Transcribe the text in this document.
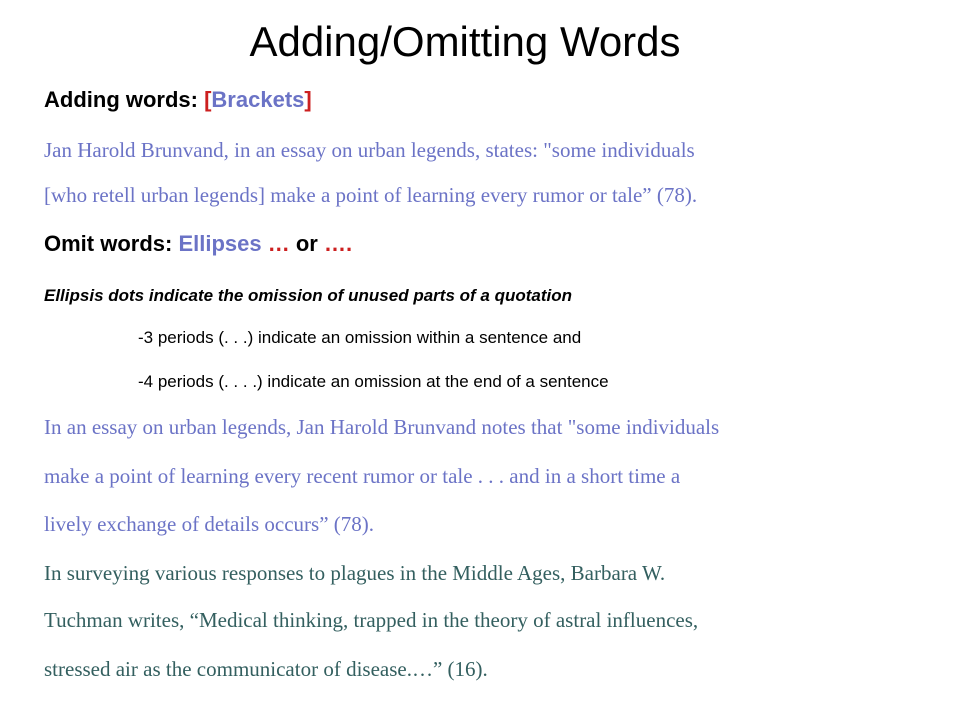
Adding/Omitting Words
Adding words: [Brackets]
Jan Harold Brunvand, in an essay on urban legends, states: "some individuals
[who retell urban legends] make a point of learning every rumor or tale” (78).
Omit words: Ellipses … or ….
Ellipsis dots indicate the omission of unused parts of a quotation
-3 periods (. . .) indicate an omission within a sentence and
-4 periods (. . . .) indicate an omission at the end of a sentence
In an essay on urban legends, Jan Harold Brunvand notes that "some individuals
make a point of learning every recent rumor or tale . . . and in a short time a
lively exchange of details occurs” (78).
In surveying various responses to plagues in the Middle Ages, Barbara W.
Tuchman writes, “Medical thinking, trapped in the theory of astral influences,
stressed air as the communicator of disease.…” (16).
